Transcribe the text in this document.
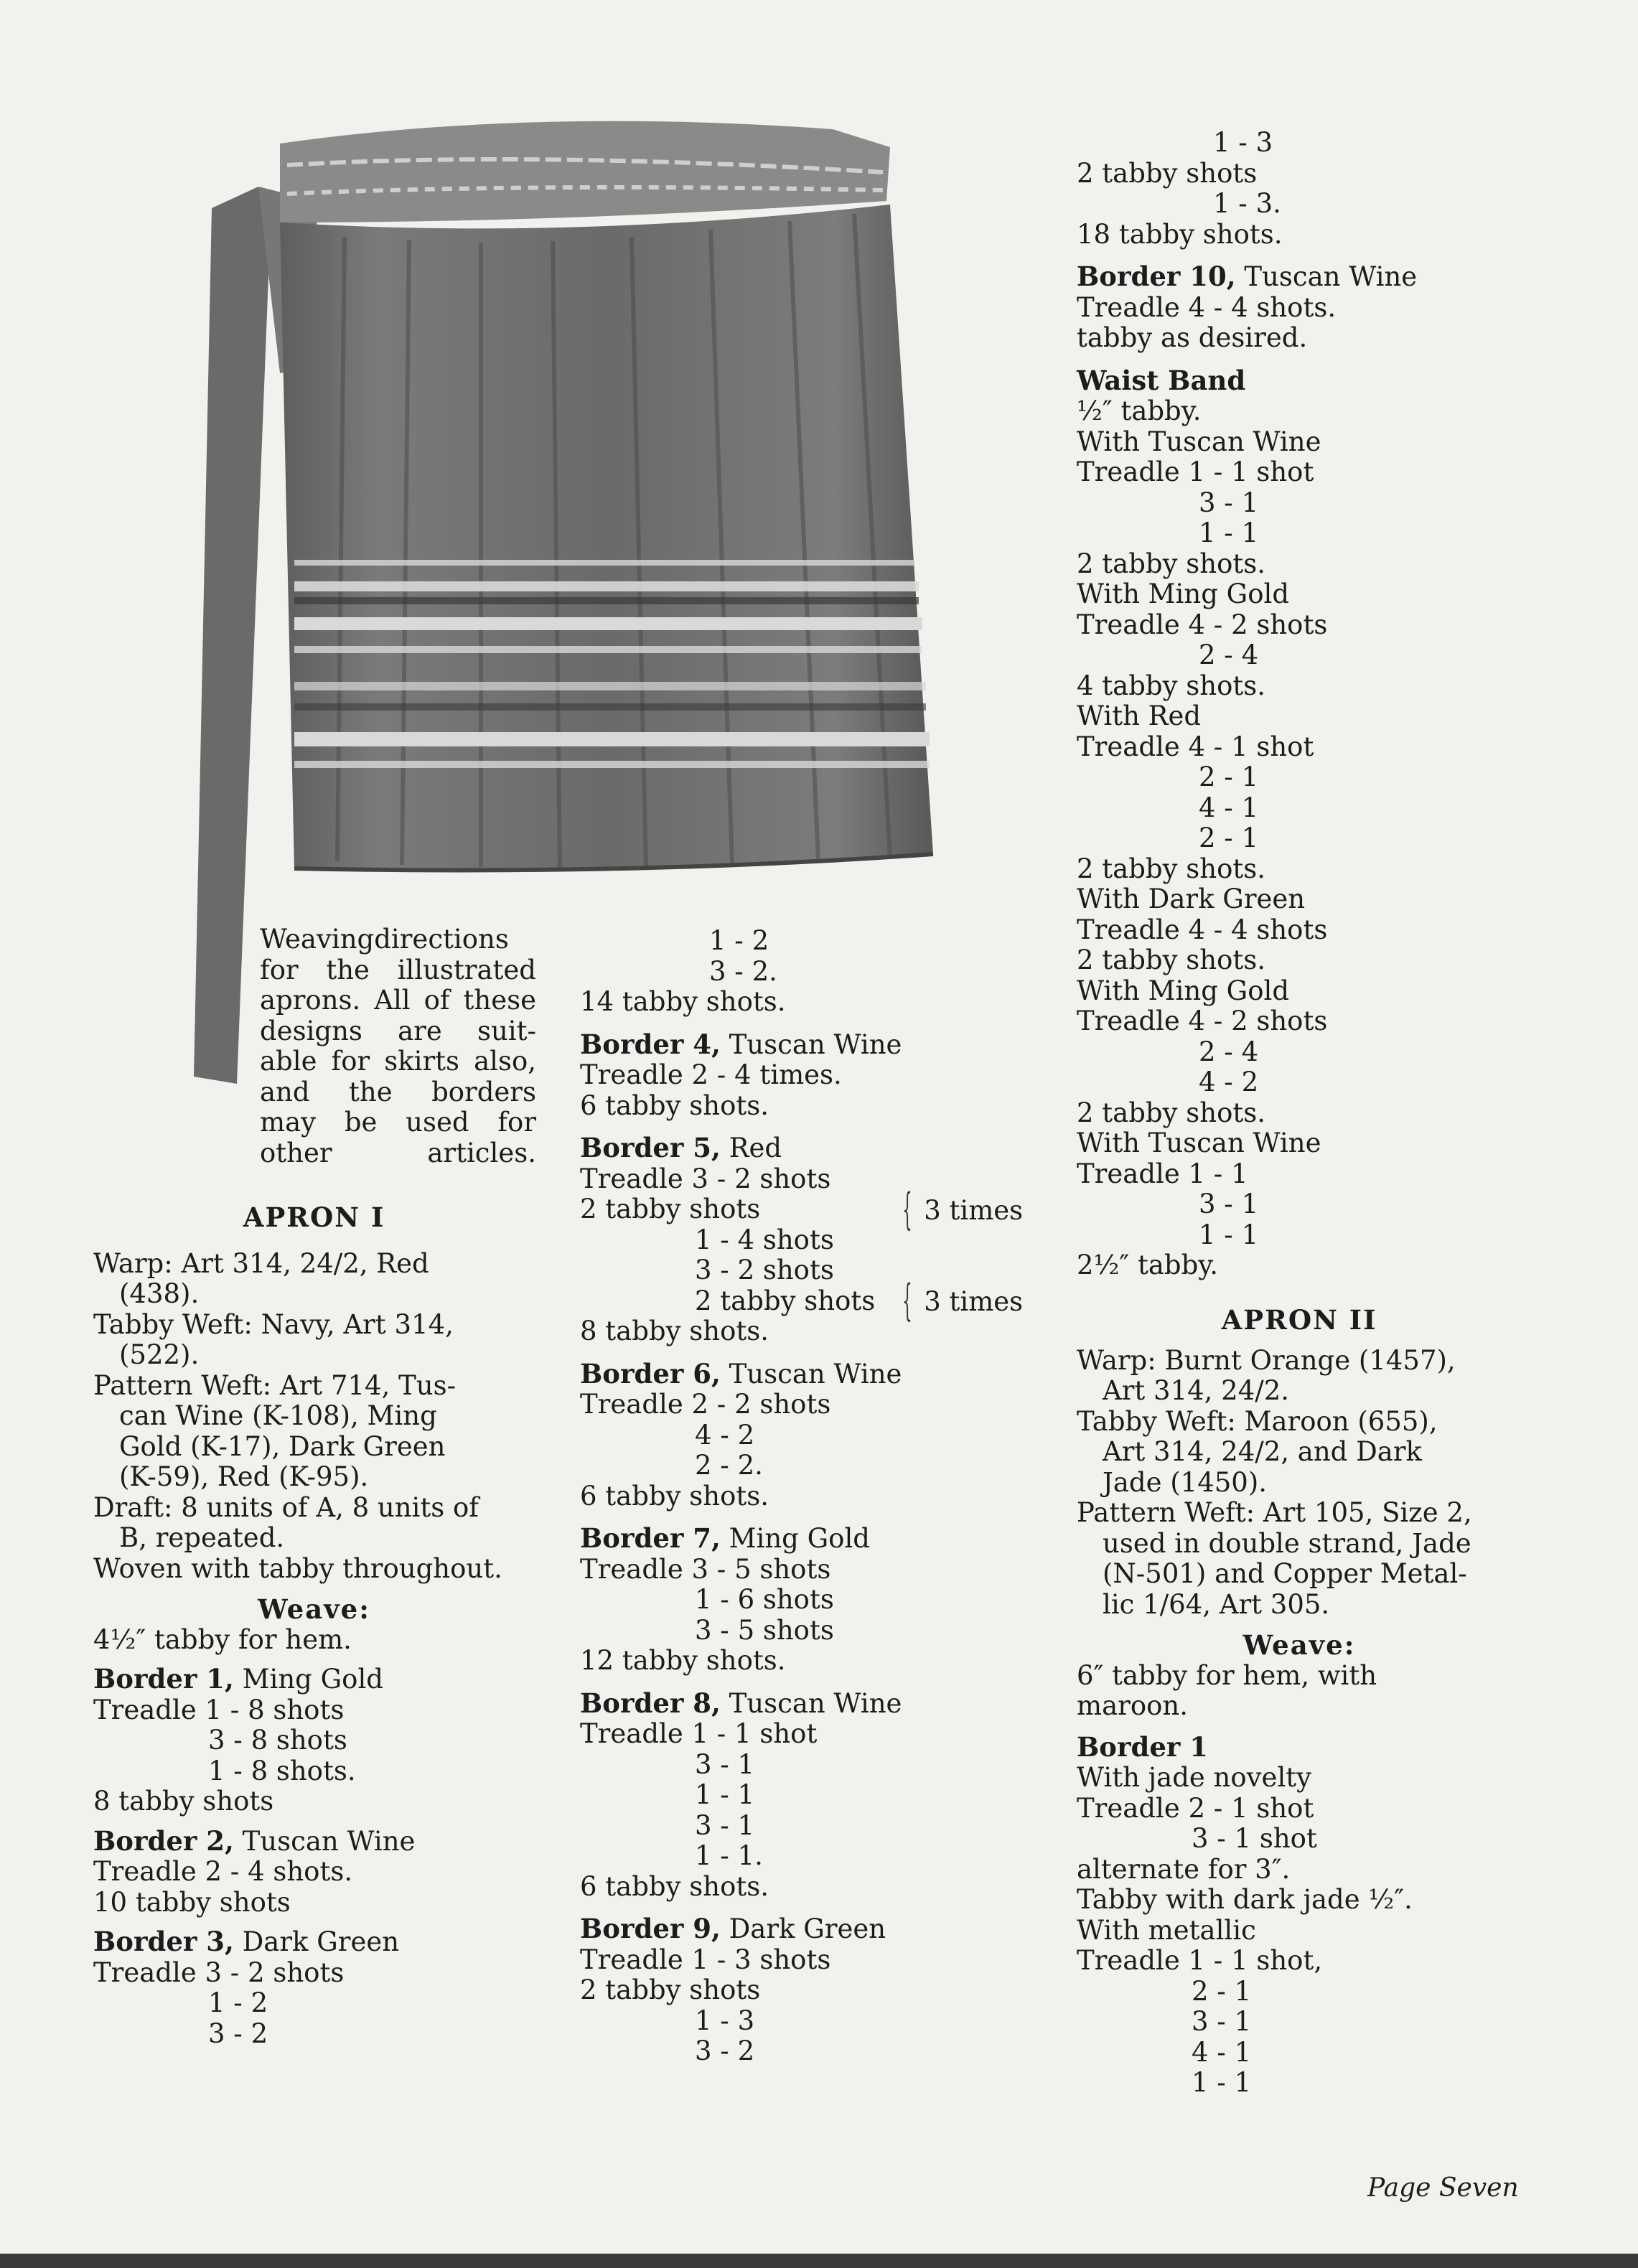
Weavingdirections
for the illustrated
aprons. All of these
designs are suit-
able for skirts also,
and the borders
may be used for
other articles.
APRON I
Warp: Art 314, 24/2, Red
(438).
Tabby Weft: Navy, Art 314,
(522).
Pattern Weft: Art 714, Tus-
can Wine (K-108), Ming
Gold (K-17), Dark Green
(K-59), Red (K-95).
Draft: 8 units of A, 8 units of
B, repeated.
Woven with tabby throughout.
Weave:
4½″ tabby for hem.
Border 1, Ming Gold
Treadle 1 - 8 shots
3 - 8 shots
1 - 8 shots.
8 tabby shots
Border 2, Tuscan Wine
Treadle 2 - 4 shots.
10 tabby shots
Border 3, Dark Green
Treadle 3 - 2 shots
1 - 2
3 - 2
1 - 2
3 - 2.
14 tabby shots.
Border 4, Tuscan Wine
Treadle 2 - 4 times.
6 tabby shots.
Border 5, Red
Treadle 3 - 2 shots
2 tabby shots
1 - 4 shots
3 - 2 shots
2 tabby shots
8 tabby shots.
Border 6, Tuscan Wine
Treadle 2 - 2 shots
4 - 2
2 - 2.
6 tabby shots.
Border 7, Ming Gold
Treadle 3 - 5 shots
1 - 6 shots
3 - 5 shots
12 tabby shots.
Border 8, Tuscan Wine
Treadle 1 - 1 shot
3 - 1
1 - 1
3 - 1
1 - 1.
6 tabby shots.
Border 9, Dark Green
Treadle 1 - 3 shots
2 tabby shots
1 - 3
3 - 2
{ 3 times
{ 3 times
1 - 3
2 tabby shots
1 - 3.
18 tabby shots.
Border 10, Tuscan Wine
Treadle 4 - 4 shots.
tabby as desired.
Waist Band
½″ tabby.
With Tuscan Wine
Treadle 1 - 1 shot
3 - 1
1 - 1
2 tabby shots.
With Ming Gold
Treadle 4 - 2 shots
2 - 4
4 tabby shots.
With Red
Treadle 4 - 1 shot
2 - 1
4 - 1
2 - 1
2 tabby shots.
With Dark Green
Treadle 4 - 4 shots
2 tabby shots.
With Ming Gold
Treadle 4 - 2 shots
2 - 4
4 - 2
2 tabby shots.
With Tuscan Wine
Treadle 1 - 1
3 - 1
1 - 1
2½″ tabby.
APRON II
Warp: Burnt Orange (1457),
Art 314, 24/2.
Tabby Weft: Maroon (655),
Art 314, 24/2, and Dark
Jade (1450).
Pattern Weft: Art 105, Size 2,
used in double strand, Jade
(N-501) and Copper Metal-
lic 1/64, Art 305.
Weave:
6″ tabby for hem, with
maroon.
Border 1
With jade novelty
Treadle 2 - 1 shot
3 - 1 shot
alternate for 3″.
Tabby with dark jade ½″.
With metallic
Treadle 1 - 1 shot,
2 - 1
3 - 1
4 - 1
1 - 1
Page Seven
